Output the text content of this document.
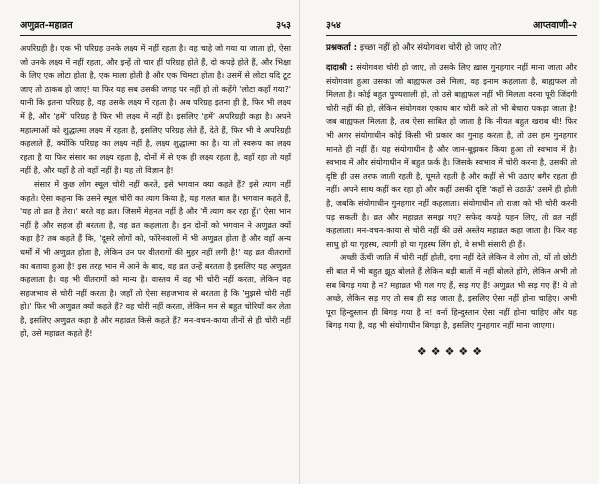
अणुव्रत-महाव्रत	३५३

अपरिग्रही है। एक भी परिग्रह उनके लक्ष्य में नहीं रहता है। वह चाहे जो गया या जाता हो, ऐसा जो उनके लक्ष्य में नहीं रहता, और इन्हें तो चार हीं परिग्रह होते हैं, दो कपड़े होते हैं, और भिक्षा के लिए एक लोटा होता है, एक माला होती है और एक चिमटा होता है। उसमें से लोटा यदि टूट जाए तो ठाकब हो जाए! या फिर यह सब उसकी जगह पर नहीं हो तो कहेंगे 'लोटा कहाँ गया?' यानी कि इतना परिग्रह है, वह उसके लक्ष्य में रहता है। अब परिग्रह इतना ही है, फिर भी लक्ष्य में है, और 'हमें' परिग्रह है फिर भी लक्ष्य में नहीं है। इसलिए 'हमें' अपरिग्रही कहा है। अपने महात्माओं को शुद्धात्मा लक्ष्य में रहता है, इसलिए परिग्रह लेते हैं, देते हैं, फिर भी वे अपरिग्रही कहलाते हैं, क्योंकि परिग्रह का लक्ष्य नहीं है, लक्ष्य शुद्धात्मा का है। या तो स्वरूप का लक्ष्य रहता है या फिर संसार का लक्ष्य रहता है, दोनों में से एक ही लक्ष्य रहता है, वहाँ रहा तो यहाँ नहीं है, और यहाँ है तो वहाँ नहीं है। यह तो विज्ञान है!

संसार में कुछ लोग स्थूल चोरी नहीं करते, इसे भगवान क्या कहते हैं? इसे त्याग नहीं कहते। ऐसा कहना कि उसने स्थूल चोरी का त्याग किया है, यह गलत बात है। भगवान कहते हैं, 'यह तो व्रत है तेरा।' बरते वह व्रत। जिसमें मेहनत नहीं है और 'मैं त्याग कर रहा हूँ।' ऐसा भान नहीं है और सहज ही बरतता है, वह व्रत कहलाता है। इन दोनों को भगवान ने अणुव्रत क्यों कहा है? तब कहते हैं कि, 'दूसरे लोगों को, फॉरेनवालों में भी अणुव्रत होता है और वहाँ अन्य धर्मों में भी अणुव्रत होता है, लेकिन उन पर वीतरागों की मुहर नहीं लगी है!' यह व्रत वीतरागों का बताया हुआ है! इस तरह भान में आने के बाद, वह व्रत उन्हें बरतता है इसलिए यह अणुव्रत कहलाता है। वह भी वीतरागों को मान्य है। वास्तव में वह भी चोरी नहीं करता, लेकिन वह सहजभाव से चोरी नहीं करता है। जहाँ तो ऐसा सहजभाव से बरतता है कि 'मुझसे चोरी नहीं हो।' फिर भी अणुव्रत क्यों कहते हैं? वह चोरी नहीं करता, लेकिन मन से बहुत चोरियाँ कर लेता है, इसलिए अणुव्रत कहा है और महाव्रत किसे कहते हैं? मन-वचन-काया तीनों से ही चोरी नहीं हो, उसे महाव्रत कहते हैं!

३५४	आप्तवाणी-२

प्रश्नकर्ता : इच्छा नहीं हो और संयोगवश चोरी हो जाए तो?

दादाश्री : संयोगवश चोरी हो जाए, तो उसके लिए ख़ास गुनहगार नहीं माना जाता और संयोगवश हुआ उसका जो बाह्यफल उसे मिला, वह इनाम कहलाता है, बाह्यफल तो मिलता है। कोई बहुत पुण्यशाली हो, तो उसे बाह्यफल नहीं भी मिलता वरना पूरी जिंदगी चोरी नहीं की हो, लेकिन संयोगवश एकाध बार चोरी करे तो भी बेचारा पकड़ा जाता है! जब बाह्यफल मिलता है, तब ऐसा साबित हो जाता है कि नीयत बहुत खराब थी! फिर भी अगर संयोगाधीन कोई किसी भी प्रकार का गुनाह करता है, तो उस हम गुनहगार मानते ही नहीं हैं। यह संयोगाधीन है और जान-बूझकर किया हुआ तो स्वभाव में है। स्वभाव में और संयोगाधीन में बहुत फ़र्क है। जिसके स्वभाव में चोरी करना है, उसकी तो दृष्टि ही उस तरफ जाती रहती है, घूमते रहती है और कहीं से भी उठाए बगैर रहता ही नहीं। अपने साथ कहीं कर रहा हो और कहीं उसकी दृष्टि 'कहाँ से उठाऊँ' उसमें ही होती है, जबकि संयोगाधीन गुनहगार नहीं कहलाता। संयोगाधीन तो राजा को भी चोरी करनी पड़ सकती है। व्रत और महाव्रत समझ गए? सफेद कपड़े पहन लिए, तो व्रत नहीं कहलाता। मन-वचन-काया से चोरी नहीं की उसे अस्तेय महाव्रत कहा जाता है। फिर वह साधु हो या गृहस्थ, त्यागी हो या गृहस्थ लिंग हो, वे सभी संसारी ही हैं।

अच्छी ऊँची जाति में चोरी नहीं होती, दगा नहीं देते लेकिन वे लोग तो, यों तो छोटी सी बात में भी बहुत झूठ बोलते हैं लेकिन बड़ी बातों में नहीं बोलते होंगे, लेकिन अभी तो सब बिगड़ गया है न? महाव्रत भी गल गए हैं, सड़ गए हैं! अणुव्रत भी सड़ गए हैं! ये तो अच्छे, लेकिन सड़ गए तो सब ही सड़ जाता है, इसलिए ऐसा नहीं होना चाहिए। अभी पूरा हिन्दुस्तान ही बिगड़ गया है न! वर्ना हिन्दुस्तान ऐसा नहीं होना चाहिए और यह बिगड़ गया है, वह भी संयोगाधीन बिगड़ा है, इसलिए गुनहगार नहीं माना जाएगा।

❖❖❖❖❖
